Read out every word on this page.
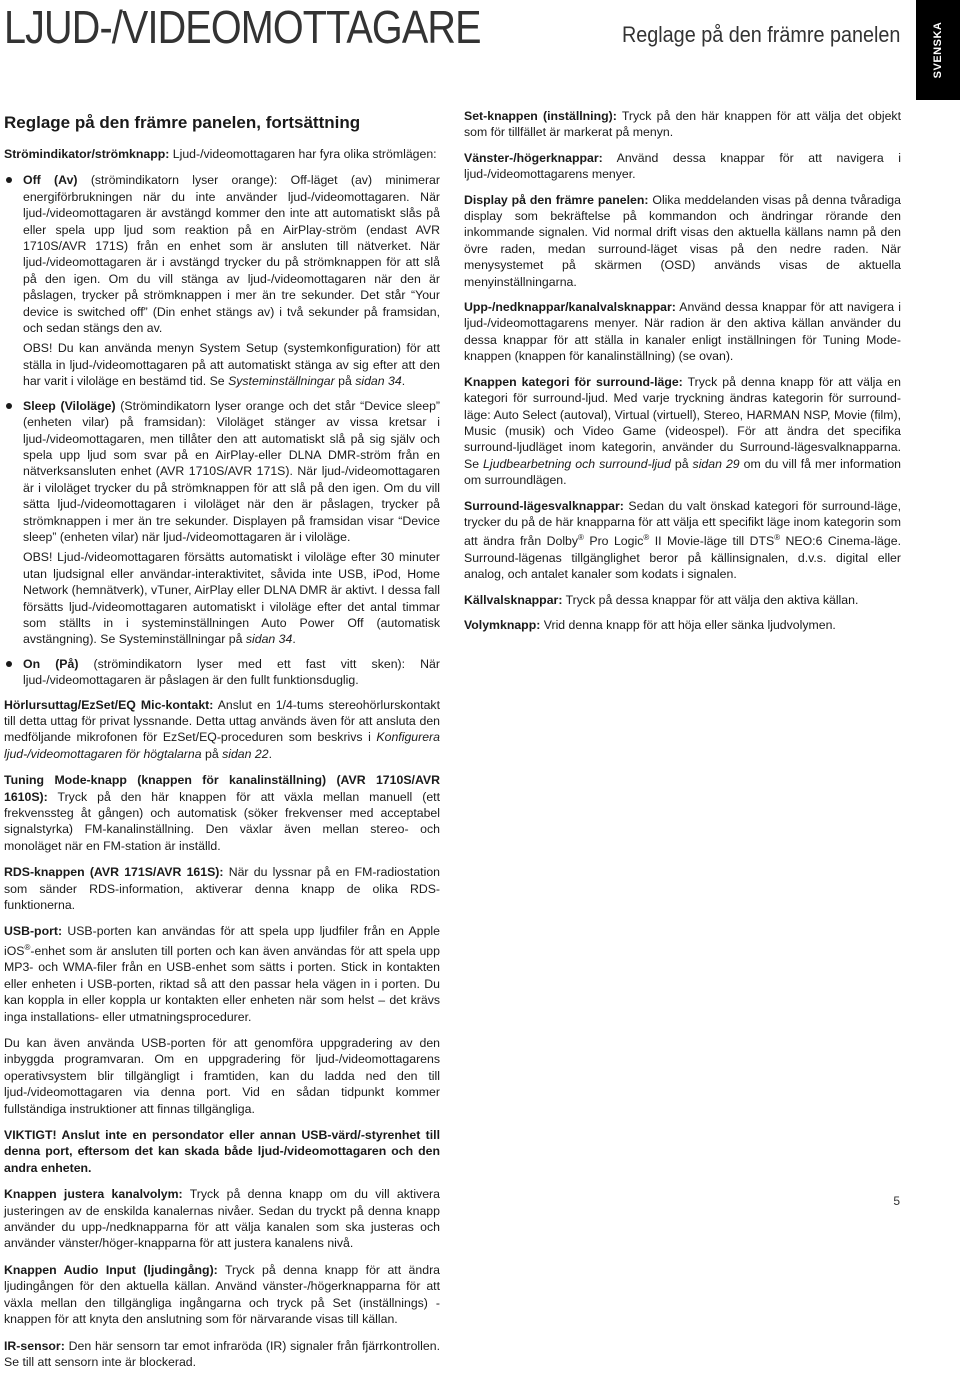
LJUD-/VIDEOMOTTAGARE	Reglage på den främre panelen	SVENSKA
Reglage på den främre panelen, fortsättning

Strömindikator/strömknapp: Ljud-/videomottagaren har fyra olika strömlägen:

Off (Av) (strömindikatorn lyser orange): Off-läget (av) minimerar energiförbrukningen när du inte använder ljud-/videomottagaren. När ljud-/videomottagaren är avstängd kommer den inte att automatiskt slås på eller spela upp ljud som reaktion på en AirPlay-ström (endast AVR 1710S/AVR 171S) från en enhet som är ansluten till nätverket. När ljud-/videomottagaren är i avstängd trycker du på strömknappen för att slå på den igen. Om du vill stänga av ljud-/videomottagaren när den är påslagen, trycker på strömknappen i mer än tre sekunder. Det står “Your device is switched off” (Din enhet stängs av) i två sekunder på framsidan, och sedan stängs den av.
OBS! Du kan använda menyn System Setup (systemkonfiguration) för att ställa in ljud-/videomottagaren på att automatiskt stänga av sig efter att den har varit i viloläge en bestämd tid. Se Systeminställningar på sidan 34.
Sleep (Viloläge) (Strömindikatorn lyser orange och det står “Device sleep” (enheten vilar) på framsidan): Viloläget stänger av vissa kretsar i ljud-/videomottagaren, men tillåter den att automatiskt slå på sig själv och spela upp ljud som svar på en AirPlay-eller DLNA DMR-ström från en nätverksansluten enhet (AVR 1710S/AVR 171S). När ljud-/videomottagaren är i viloläget trycker du på strömknappen för att slå på den igen. Om du vill sätta ljud-/videomottagaren i viloläget när den är påslagen, trycker på strömknappen i mer än tre sekunder. Displayen på framsidan visar “Device sleep” (enheten vilar) när ljud-/videomottagaren är i viloläge.
OBS! Ljud-/videomottagaren försätts automatiskt i viloläge efter 30 minuter utan ljudsignal eller användar-interaktivitet, såvida inte USB, iPod, Home Network (hemnätverk), vTuner, AirPlay eller DLNA DMR är aktivt. I dessa fall försätts ljud-/videomottagaren automatiskt i viloläge efter det antal timmar som ställts in i systeminställningen Auto Power Off (automatisk avstängning). Se Systeminställningar på sidan 34.
On (På) (strömindikatorn lyser med ett fast vitt sken): När ljud-/videomottagaren är påslagen är den fullt funktionsduglig.

Hörlursuttag/EzSet/EQ Mic-kontakt: Anslut en 1/4-tums stereohörlurskontakt till detta uttag för privat lyssnande. Detta uttag används även för att ansluta den medföljande mikrofonen för EzSet/EQ-proceduren som beskrivs i Konfigurera ljud-/videomottagaren för högtalarna på sidan 22.

Tuning Mode-knapp (knappen för kanalinställning) (AVR 1710S/AVR 1610S): Tryck på den här knappen för att växla mellan manuell (ett frekvenssteg åt gången) och automatisk (söker frekvenser med acceptabel signalstyrka) FM-kanalinställning. Den växlar även mellan stereo- och monoläget när en FM-station är inställd.

RDS-knappen (AVR 171S/AVR 161S): När du lyssnar på en FM-radiostation som sänder RDS-information, aktiverar denna knapp de olika RDS-funktionerna.

USB-port: USB-porten kan användas för att spela upp ljudfiler från en Apple iOS®-enhet som är ansluten till porten och kan även användas för att spela upp MP3- och WMA-filer från en USB-enhet som sätts i porten. Stick in kontakten eller enheten i USB-porten, riktad så att den passar hela vägen in i porten. Du kan koppla in eller koppla ur kontakten eller enheten när som helst – det krävs inga installations- eller utmatningsprocedurer.

Du kan även använda USB-porten för att genomföra uppgradering av den inbyggda programvaran. Om en uppgradering för ljud-/videomottagarens operativsystem blir tillgängligt i framtiden, kan du ladda ned den till ljud-/videomottagaren via denna port. Vid en sådan tidpunkt kommer fullständiga instruktioner att finnas tillgängliga.

VIKTIGT! Anslut inte en persondator eller annan USB-värd/-styrenhet till denna port, eftersom det kan skada både ljud-/videomottagaren och den andra enheten.

Knappen justera kanalvolym: Tryck på denna knapp om du vill aktivera justeringen av de enskilda kanalernas nivåer. Sedan du tryckt på denna knapp använder du upp-/nedknapparna för att välja kanalen som ska justeras och använder vänster/höger-knapparna för att justera kanalens nivå.

Knappen Audio Input (ljudingång): Tryck på denna knapp för att ändra ljudingången för den aktuella källan. Använd vänster-/högerknapparna för att växla mellan den tillgängliga ingångarna och tryck på Set (inställnings) -knappen för att knyta den anslutning som för närvarande visas till källan.

IR-sensor: Den här sensorn tar emot infraröda (IR) signaler från fjärrkontrollen. Se till att sensorn inte är blockerad.

Set-knappen (inställning): Tryck på den här knappen för att välja det objekt som för tillfället är markerat på menyn.

Vänster-/högerknappar: Använd dessa knappar för att navigera i ljud-/videomottagarens menyer.

Display på den främre panelen: Olika meddelanden visas på denna tvåradiga display som bekräftelse på kommandon och ändringar rörande den inkommande signalen. Vid normal drift visas den aktuella källans namn på den övre raden, medan surround-läget visas på den nedre raden. När menysystemet på skärmen (OSD) används visas de aktuella menyinställningarna.

Upp-/nedknappar/kanalvalsknappar: Använd dessa knappar för att navigera i ljud-/videomottagarens menyer. När radion är den aktiva källan använder du dessa knappar för att ställa in kanaler enligt inställningen för Tuning Mode-knappen (knappen för kanalinställning) (se ovan).

Knappen kategori för surround-läge: Tryck på denna knapp för att välja en kategori för surround-ljud. Med varje tryckning ändras kategorin för surround-läge: Auto Select (autoval), Virtual (virtuell), Stereo, HARMAN NSP, Movie (film), Music (musik) och Video Game (videospel). För att ändra det specifika surround-ljudläget inom kategorin, använder du Surround-lägesvalknapparna. Se Ljudbearbetning och surround-ljud på sidan 29 om du vill få mer information om surroundlägen.

Surround-lägesvalknappar: Sedan du valt önskad kategori för surround-läge, trycker du på de här knapparna för att välja ett specifikt läge inom kategorin som att ändra från Dolby® Pro Logic® II Movie-läge till DTS® NEO:6 Cinema-läge. Surround-lägenas tillgänglighet beror på källinsignalen, d.v.s. digital eller analog, och antalet kanaler som kodats i signalen.

Källvalsknappar: Tryck på dessa knappar för att välja den aktiva källan.

Volymknapp: Vrid denna knapp för att höja eller sänka ljudvolymen.

5
